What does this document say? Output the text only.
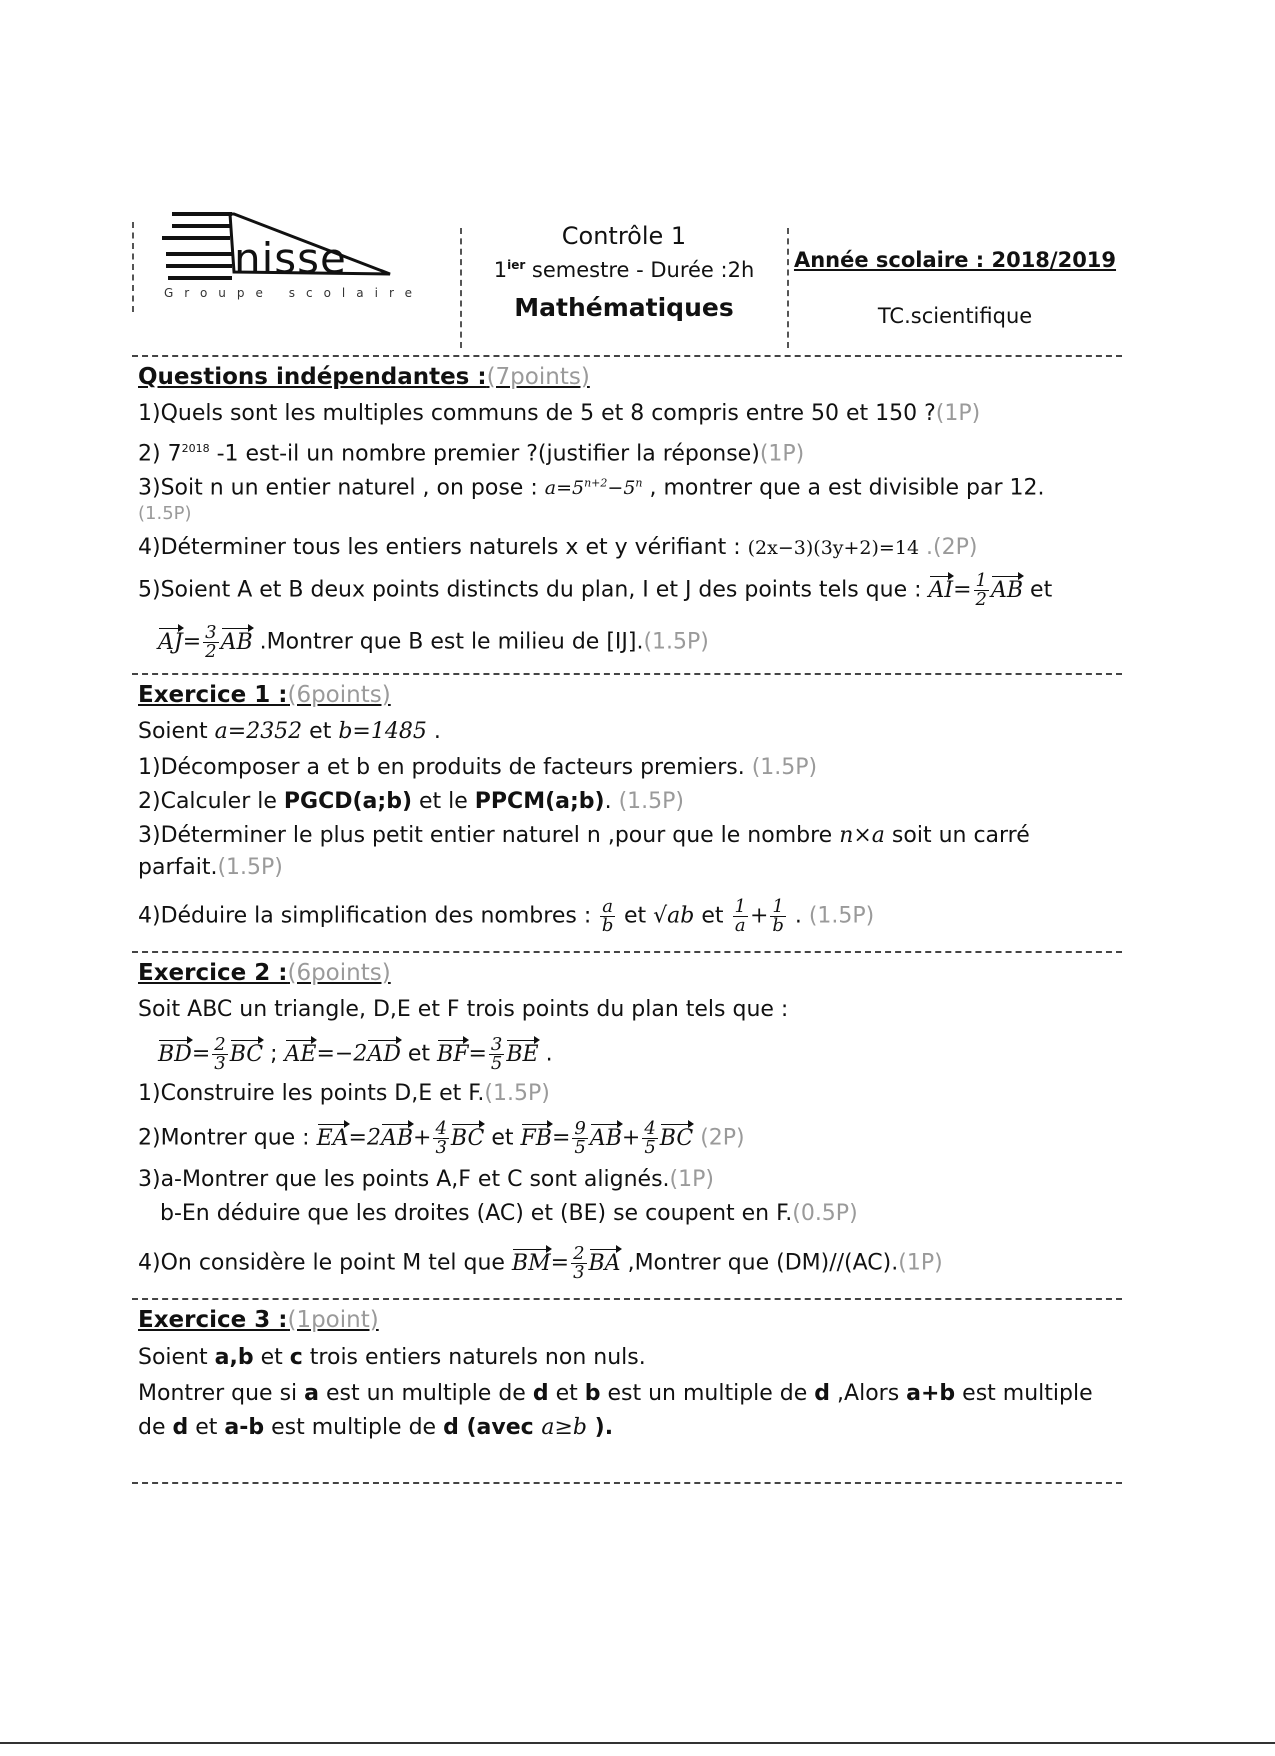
nisse
Groupe scolaire
Contrôle 1
$1^{ier}$ semestre - Durée :2h
Mathématiques
Année scolaire : 2018/2019
TC.scientifique
Questions indépendantes :(7points)
1)Quels sont les multiples communs de 5 et 8 compris entre 50 et 150 ?(1P)
2) $7^{2018}$ -1 est-il un nombre premier ?(justifier la réponse)(1P)
3)Soit n un entier naturel , on pose : $a=5^{n+2}-5^n$ , montrer que a est divisible par 12.
(1.5P)
4)Déterminer tous les entiers naturels x et y vérifiant : (2x−3)(3y+2)=14 .(2P)
5)Soient A et B deux points distincts du plan, I et J des points tels que : $AI= \frac{1}{2}$ AB et
$AJ= \frac{3}{2}$ AB .Montrer que B est le milieu de [IJ].(1.5P)
Exercice 1 :(6points)
Soient a=2352 et b=1485 .
1)Décomposer a et b en produits de facteurs premiers. (1.5P)
2)Calculer le PGCD(a;b) et le PPCM(a;b). (1.5P)
3)Déterminer le plus petit entier naturel n ,pour que le nombre n×a soit un carré
parfait.(1.5P)
4)Déduire la simplification des nombres : $\frac{a}{b}$ et √ab et $\frac{1}{a} + \frac{1}{b}$ . (1.5P)
Exercice 2 :(6points)
Soit ABC un triangle, D,E et F trois points du plan tels que :
$BD= \frac{2}{3}$ BC ; AE=−2AD et $BF= \frac{3}{5}$ BE .
1)Construire les points D,E et F.(1.5P)
2)Montrer que : $EA=2AB+ \frac{4}{3}$ BC et $FB= \frac{9}{5} AB+ \frac{4}{5}$ BC (2P)
3)a-Montrer que les points A,F et C sont alignés.(1P)
b-En déduire que les droites (AC) et (BE) se coupent en F.(0.5P)
4)On considère le point M tel que $BM= \frac{2}{3}$ BA ,Montrer que (DM)//(AC).(1P)
Exercice 3 :(1point)
Soient a,b et c trois entiers naturels non nuls.
Montrer que si a est un multiple de d et b est un multiple de d ,Alors a+b est multiple
de d et a-b est multiple de d (avec a≥b ).
